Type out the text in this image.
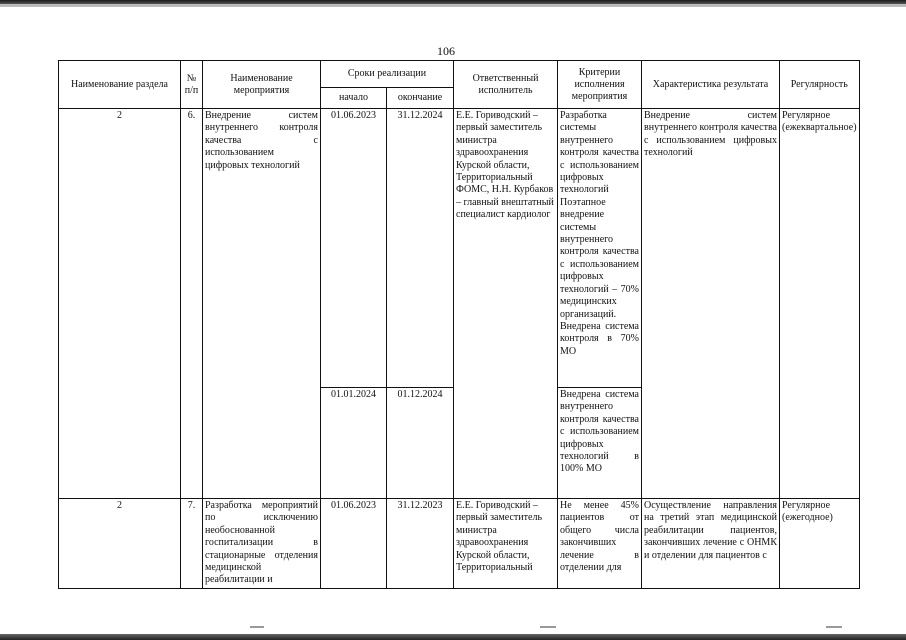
106
Наименование раздела	№ п/п	Наименование мероприятия	Сроки реализации		Ответственный исполнитель	Критерии исполнения мероприятия	Характеристика результата	Регулярность
			начало	окончание				
2	6.	Внедрение систем внутреннего контроля качества с использованием цифровых технологий	01.06.2023	31.12.2024	Е.Е. Гориводский – первый заместитель министра здравоохранения Курской области, Территориальный ФОМС, Н.Н. Курбаков – главный внештатный специалист кардиолог	Разработка системы внутреннего контроля качества с использованием цифровых технологий Поэтапное внедрение системы внутреннего контроля качества с использованием цифровых технологий – 70% медицинских организаций. Внедрена система контроля в 70% МО	Внедрение систем внутреннего контроля качества с использованием цифровых технологий	Регулярное (ежеквартальное)
			01.01.2024	01.12.2024		Внедрена система внутреннего контроля качества с использованием цифровых технологий в 100% МО		
2	7.	Разработка мероприятий по исключению необоснованной госпитализации в стационарные отделения медицинской реабилитации и	01.06.2023	31.12.2023	Е.Е. Гориводский – первый заместитель министра здравоохранения Курской области, Территориальный	Не менее 45% пациентов от общего числа закончивших лечение в отделении для	Осуществление направления на третий этап медицинской реабилитации пациентов, закончивших лечение с ОНМК и отделении для пациентов с	Регулярное (ежегодное)
